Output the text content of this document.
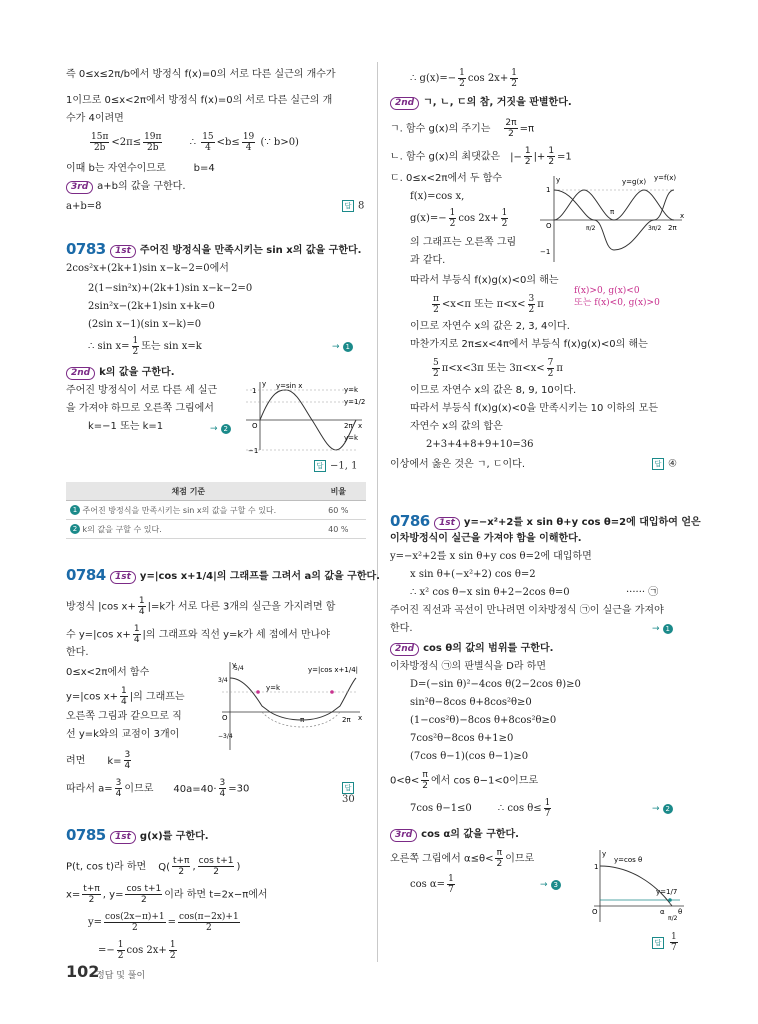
즉 0≤x≤2π/b에서 방정식 f(x)=0의 서로 다른 실근의 개수가
1이므로 0≤x<2π에서 방정식 f(x)=0의 서로 다른 실근의 개
수가 4이려면
$\frac{15\pi}{2b} <2\pi\le \frac{19\pi}{2b}$	∴ $\frac{15}{4} <b\le \frac{19}{4}$ (∵ b>0)
이때 b는 자연수이므로	b=4
3rd a+b의 값을 구한다.
a+b=8	답 8
0783	1st 주어진 방정식을 만족시키는 sin x의 값을 구한다.
2cos²x+(2k+1)sin x−k−2=0에서
2(1−sin²x)+(2k+1)sin x−k−2=0
2sin²x−(2k+1)sin x+k=0
(2sin x−1)(sin x−k)=0
∴ $\sin x= \frac{1}{2}$ 또는 sin x=k	→ 1
2nd k의 값을 구한다.
주어진 방정식이 서로 다른 세 실근
을 가져야 하므로 오른쪽 그림에서
k=−1 또는 k=1	→ 2
y=sin x	y=k
y=1/2
y=k
1
−1
O	x
y
2π
답 −1, 1
채점 기준	비율
1 주어진 방정식을 만족시키는 sin x의 값을 구할 수 있다.	60 %
2 k의 값을 구할 수 있다.	40 %
0784	1st y=|cos x+1/4|의 그래프를 그려서 a의 값을 구한다.
방정식 |cos $x+ \frac{1}{4} |=k$가 서로 다른 3개의 실근을 가지려면 함
수 y=|cos $x+ \frac{1}{4}$ |의 그래프와 직선 y=k가 세 점에서 만나야
한다.
0≤x<2π에서 함수
y=|cos $x+ \frac{1}{4}$ |의 그래프는
오른쪽 그림과 같으므로 직
선 y=k와의 교점이 3개이
려면 $k= \frac{3}{4}$
따라서 $a= \frac{3}{4}$ 이므로 $40a=40\cdot \frac{3}{4} =30$	답30
y=|cos x+1/4|
y=k
3/4
5/4
−3/4
O	π	2π x
y
0785	1st g(x)를 구한다.
P(t, cos t)라 하면 $Q( \frac{t+\pi}{2}$ , $\frac{\text{cos t+1}}{2}$ )
$x= \frac{t+\pi}{2}$ , $y= \frac{\text{cos t+1}}{2}$ 이라 하면 t=2x−π에서
$y= \frac{\cos(2x-\pi)+1}{2} = \frac{\cos(\pi-2x)+1}{2}$
=− $\frac{1}{2}$ $\cos 2x+ \frac{1}{2}$
∴ $g(x)=- \frac{1}{2}$ $\cos 2x+ \frac{1}{2}$
2nd ㄱ, ㄴ, ㄷ의 참, 거짓을 판별한다.
ㄱ. 함수 g(x)의 주기는 $\frac{2\pi}{2} =\pi$
ㄴ. 함수 g(x)의 최댓값은 |− $\frac{1}{2}$ |+ $\frac{1}{2} =1$
ㄷ. 0≤x<2π에서 두 함수
f(x)=cos x,
$g(x)=- \frac{1}{2}$ $\cos 2x+ \frac{1}{2}$
의 그래프는 오른쪽 그림
과 같다.
따라서 부등식 f(x)g(x)<0의 해는
f(x)>0, g(x)<0
또는 f(x)<0, g(x)>0
$\frac{\pi}{2} <x<\pi$ 또는 $\pi<x< \frac{3}{2}$ π
이므로 자연수 x의 값은 2, 3, 4이다.
마찬가지로 2π≤x<4π에서 부등식 f(x)g(x)<0의 해는
$\frac{5}{2} \pi<x<3\pi$ 또는 $3\pi<x< \frac{7}{2}$ π
이므로 자연수 x의 값은 8, 9, 10이다.
따라서 부등식 f(x)g(x)<0을 만족시키는 10 이하의 모든
자연수 x의 값의 합은
2+3+4+8+9+10=36
이상에서 옳은 것은 ㄱ, ㄷ이다.	답 ④
y=g(x) y=f(x)
1
−1
O	π/2
π
3π/2 2π
x
y
0786	1st y=−x²+2를 x sin θ+y cos θ=2에 대입하여 얻은
이차방정식이 실근을 가져야 함을 이해한다.
y=−x²+2를 x sin θ+y cos θ=2에 대입하면
x sin θ+(−x²+2) cos θ=2
∴ x² cos θ−x sin θ+2−2cos θ=0	······ ㉠
주어진 직선과 곡선이 만나려면 이차방정식 ㉠이 실근을 가져야
한다.	→ 1
2nd cos θ의 값의 범위를 구한다.
이차방정식 ㉠의 판별식을 D라 하면
D=(−sin θ)²−4cos θ(2−2cos θ)≥0
sin²θ−8cos θ+8cos²θ≥0
(1−cos²θ)−8cos θ+8cos²θ≥0
7cos²θ−8cos θ+1≥0
(7cos θ−1)(cos θ−1)≥0
$0<\theta< \frac{\pi}{2}$ 에서 cos θ−1<0이므로
7cos θ−1≤0	∴ $\cos \theta\le \frac{1}{7}$	→ 2
3rd cos α의 값을 구한다.
오른쪽 그림에서 $\alpha\le\theta< \frac{\pi}{2}$ 이므로
$\cos \alpha= \frac{1}{7}$	→ 3
y=cos θ
y=1/7
1
O	α
π/2
θ
y
답 $\frac{1}{7}$
102
정답 및 풀이
